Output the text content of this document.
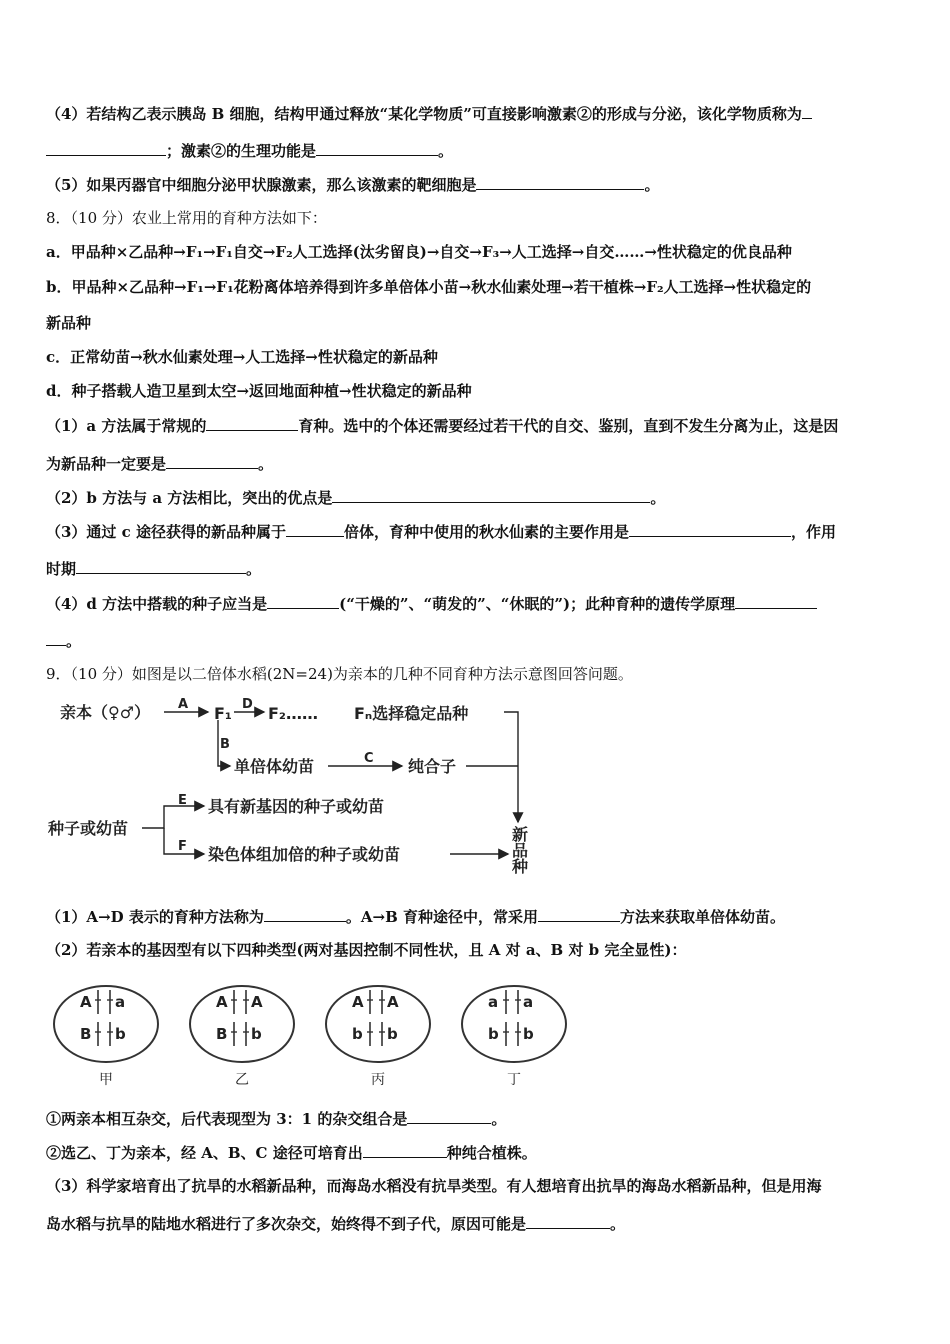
（4）若结构乙表示胰岛 B 细胞，结构甲通过释放“某化学物质”可直接影响激素②的形成与分泌，该化学物质称为
；激素②的生理功能是	。
（5）如果丙器官中细胞分泌甲状腺激素，那么该激素的靶细胞是	。
8．（10 分）农业上常用的育种方法如下：
a．甲品种×乙品种→F₁→F₁自交→F₂人工选择(汰劣留良)→自交→F₃→人工选择→自交……→性状稳定的优良品种
b．甲品种×乙品种→F₁→F₁花粉离体培养得到许多单倍体小苗→秋水仙素处理→若干植株→F₂人工选择→性状稳定的
新品种
c．正常幼苗→秋水仙素处理→人工选择→性状稳定的新品种
d．种子搭载人造卫星到太空→返回地面种植→性状稳定的新品种
（1）a 方法属于常规的	育种。选中的个体还需要经过若干代的自交、鉴别，直到不发生分离为止，这是因
为新品种一定要是	。
（2）b 方法与 a 方法相比，突出的优点是	。
（3）通过 c 途径获得的新品种属于	倍体，育种中使用的秋水仙素的主要作用是	，作用
时期	。
（4）d 方法中搭载的种子应当是	(“干燥的”、“萌发的”、“休眠的”)；此种育种的遗传学原理
。
9．（10 分）如图是以二倍体水稻(2N=24)为亲本的几种不同育种方法示意图回答问题。
亲本（♀♂） A F₁ D F₂…… Fₙ选择稳定品种
B
单倍体幼苗	C 纯合子
E 具有新基因的种子或幼苗
种子或幼苗
F 染色体组加倍的种子或幼苗
新
品
种
（1）A→D 表示的育种方法称为	。A→B 育种途径中，常采用	方法来获取单倍体幼苗。
（2）若亲本的基因型有以下四种类型(两对基因控制不同性状，且 A 对 a、B 对 b 完全显性)：
A a
B b
甲
A A
B b
乙
A A
b b
丙
a a
b b
丁
①两亲本相互杂交，后代表现型为 3：1 的杂交组合是	。
②选乙、丁为亲本，经 A、B、C 途径可培育出	种纯合植株。
（3）科学家培育出了抗旱的水稻新品种，而海岛水稻没有抗旱类型。有人想培育出抗旱的海岛水稻新品种，但是用海
岛水稻与抗旱的陆地水稻进行了多次杂交，始终得不到子代，原因可能是	。
